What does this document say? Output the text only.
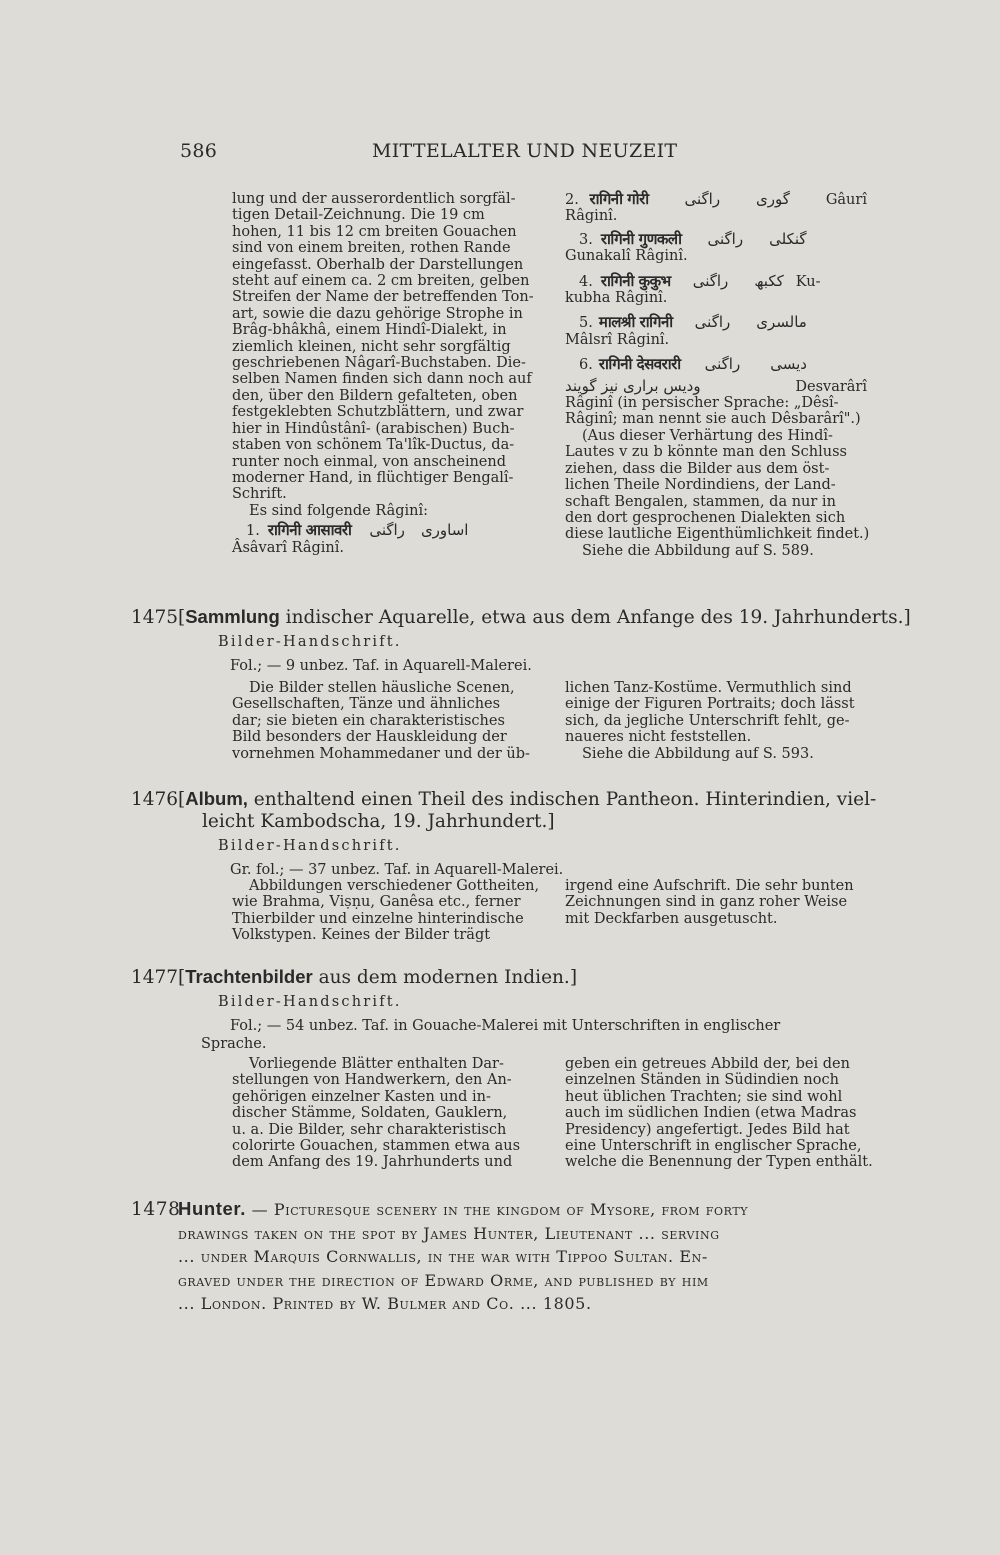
586	MITTELALTER UND NEUZEIT
lung und der ausserordentlich sorgfäl-
tigen Detail-Zeichnung. Die 19 cm
hohen, 11 bis 12 cm breiten Gouachen
sind von einem breiten, rothen Rande
eingefasst. Oberhalb der Darstellungen
steht auf einem ca. 2 cm breiten, gelben
Streifen der Name der betreffenden Ton-
art, sowie die dazu gehörige Strophe in
Brâg-bhâkhâ, einem Hindî-Dialekt, in
ziemlich kleinen, nicht sehr sorgfältig
geschriebenen Nâgarî-Buchstaben. Die-
selben Namen finden sich dann noch auf
den, über den Bildern gefalteten, oben
festgeklebten Schutzblättern, und zwar
hier in Hindûstânî- (arabischen) Buch-
staben von schönem Ta'lîk-Ductus, da-
runter noch einmal, von anscheinend
moderner Hand, in flüchtiger Bengalî-
Schrift.
Es sind folgende Râginî:
1. रागिनी आसावरी راگنی اساوری
Âsâvarî Râginî.
2. रागिनी गोरी راگنی گوری Gâurî
Râginî.
3. रागिनी गुणकली راگنی گنکلی
Gunakalî Râginî.
4. रागिनी कुकुभ راگنی ککبھ Ku-
kubha Râginî.
5. मालश्री रागिनी راگنی مالسری
Mâlsrî Râginî.
6. रागिनी देसवरारी راگنی دیسی
ودیس براری نیز گویند	Desvarârî
Râginî (in persischer Sprache: „Dêsî-
Râginî; man nennt sie auch Dêsbarârî".)
(Aus dieser Verhärtung des Hindî-
Lautes v zu b könnte man den Schluss
ziehen, dass die Bilder aus dem öst-
lichen Theile Nordindiens, der Land-
schaft Bengalen, stammen, da nur in
den dort gesprochenen Dialekten sich
diese lautliche Eigenthümlichkeit findet.)
Siehe die Abbildung auf S. 589.
1475[Sammlung indischer Aquarelle, etwa aus dem Anfange des 19. Jahrhunderts.]
Bilder-Handschrift.
Fol.; — 9 unbez. Taf. in Aquarell-Malerei.
Die Bilder stellen häusliche Scenen,
Gesellschaften, Tänze und ähnliches
dar; sie bieten ein charakteristisches
Bild besonders der Hauskleidung der
vornehmen Mohammedaner und der üb-
lichen Tanz-Kostüme. Vermuthlich sind
einige der Figuren Portraits; doch lässt
sich, da jegliche Unterschrift fehlt, ge-
naueres nicht feststellen.
Siehe die Abbildung auf S. 593.
1476[Album, enthaltend einen Theil des indischen Pantheon. Hinterindien, viel-
leicht Kambodscha, 19. Jahrhundert.]
Bilder-Handschrift.
Gr. fol.; — 37 unbez. Taf. in Aquarell-Malerei.
Abbildungen verschiedener Gottheiten,
wie Brahma, Viṣṇu, Ganêsa etc., ferner
Thierbilder und einzelne hinterindische
Volkstypen. Keines der Bilder trägt
irgend eine Aufschrift. Die sehr bunten
Zeichnungen sind in ganz roher Weise
mit Deckfarben ausgetuscht.
1477[Trachtenbilder aus dem modernen Indien.]
Bilder-Handschrift.
Fol.; — 54 unbez. Taf. in Gouache-Malerei mit Unterschriften in englischer
Sprache.
Vorliegende Blätter enthalten Dar-
stellungen von Handwerkern, den An-
gehörigen einzelner Kasten und in-
discher Stämme, Soldaten, Gauklern,
u. a. Die Bilder, sehr charakteristisch
colorirte Gouachen, stammen etwa aus
dem Anfang des 19. Jahrhunderts und
geben ein getreues Abbild der, bei den
einzelnen Ständen in Südindien noch
heut üblichen Trachten; sie sind wohl
auch im südlichen Indien (etwa Madras
Presidency) angefertigt. Jedes Bild hat
eine Unterschrift in englischer Sprache,
welche die Benennung der Typen enthält.
1478Hunter. — Picturesque scenery in the kingdom of Mysore, from forty
drawings taken on the spot by James Hunter, Lieutenant ... serving
... under Marquis Cornwallis, in the war with Tippoo Sultan. En-
graved under the direction of Edward Orme, and published by him
... London. Printed by W. Bulmer and Co. ... 1805.
